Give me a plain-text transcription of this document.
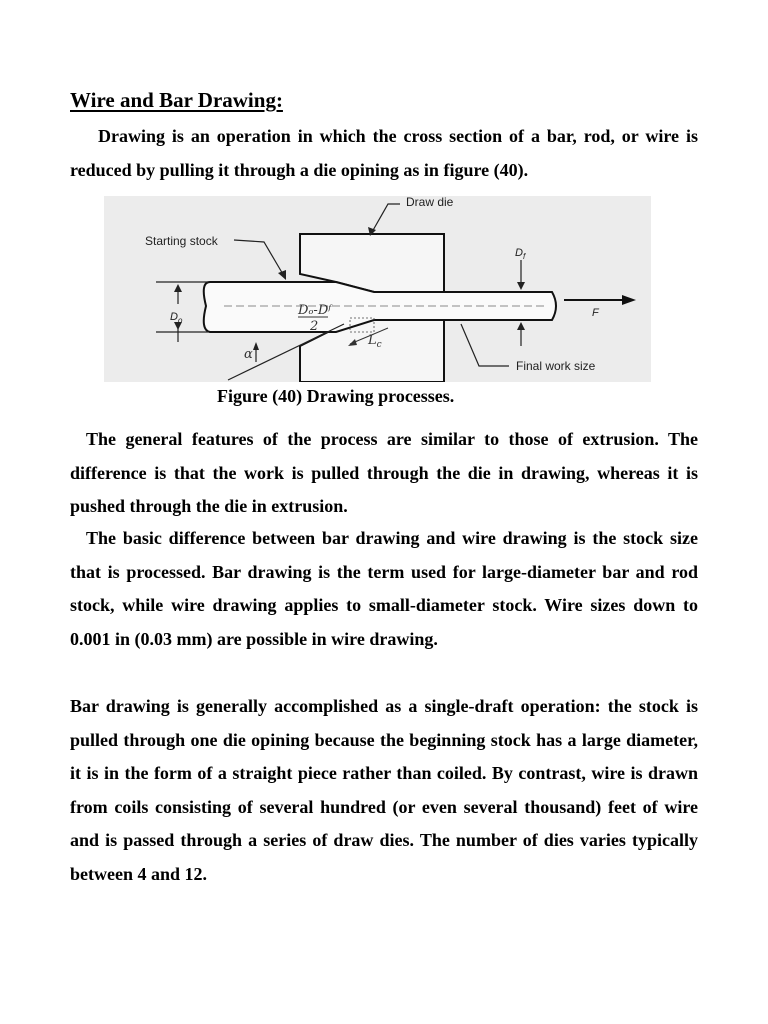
Wire and Bar Drawing:

Drawing is an operation in which the cross section of a bar, rod, or wire is reduced by pulling it through a die opining as in figure (40).

Draw die
Starting stock
Final work size
F
$D_f$
$D_o$
Dₒ-Dᶠ
2
α
$L_c$
Figure (40) Drawing processes.

The general features of the process are similar to those of extrusion. The difference is that the work is pulled through the die in drawing, whereas it is pushed through the die in extrusion.

The basic difference between bar drawing and wire drawing is the stock size that is processed. Bar drawing is the term used for large-diameter bar and rod stock, while wire drawing applies to small-diameter stock. Wire sizes down to 0.001 in (0.03 mm) are possible in wire drawing.

Bar drawing is generally accomplished as a single-draft operation: the stock is pulled through one die opining because the beginning stock has a large diameter, it is in the form of a straight piece rather than coiled. By contrast, wire is drawn from coils consisting of several hundred (or even several thousand) feet of wire and is passed through a series of draw dies. The number of dies varies typically between 4 and 12.
